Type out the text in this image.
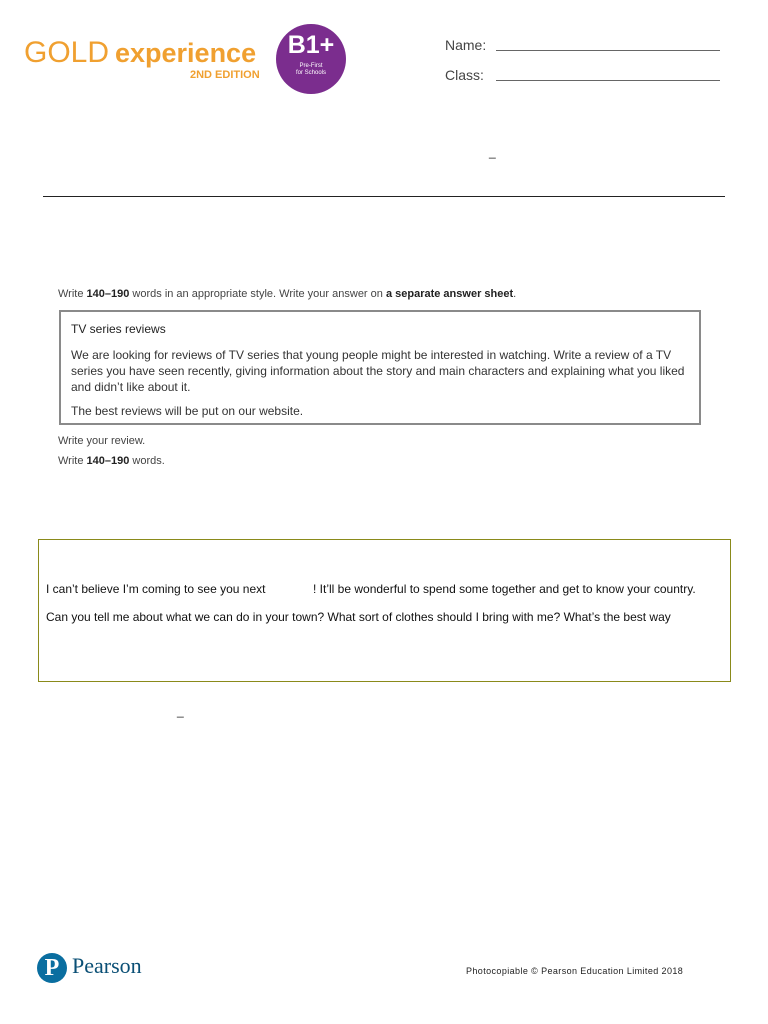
GOLD experience
2ND EDITION
B1+
Pre-First
for Schools
Name:
Class:
_
Write 140–190 words in an appropriate style. Write your answer on a separate answer sheet.
TV series reviews
We are looking for reviews of TV series that young people might be interested in watching. Write a review of a TV series you have seen recently, giving information about the story and main characters and explaining what you liked and didn’t like about it.
The best reviews will be put on our website.
Write your review.
Write 140–190 words.
I can’t believe I’m coming to see you next	! It’ll be wonderful to spend some together and get to know your country.
Can you tell me about what we can do in your town? What sort of clothes should I bring with me? What’s the best way
_
P Pearson	Photocopiable © Pearson Education Limited 2018
